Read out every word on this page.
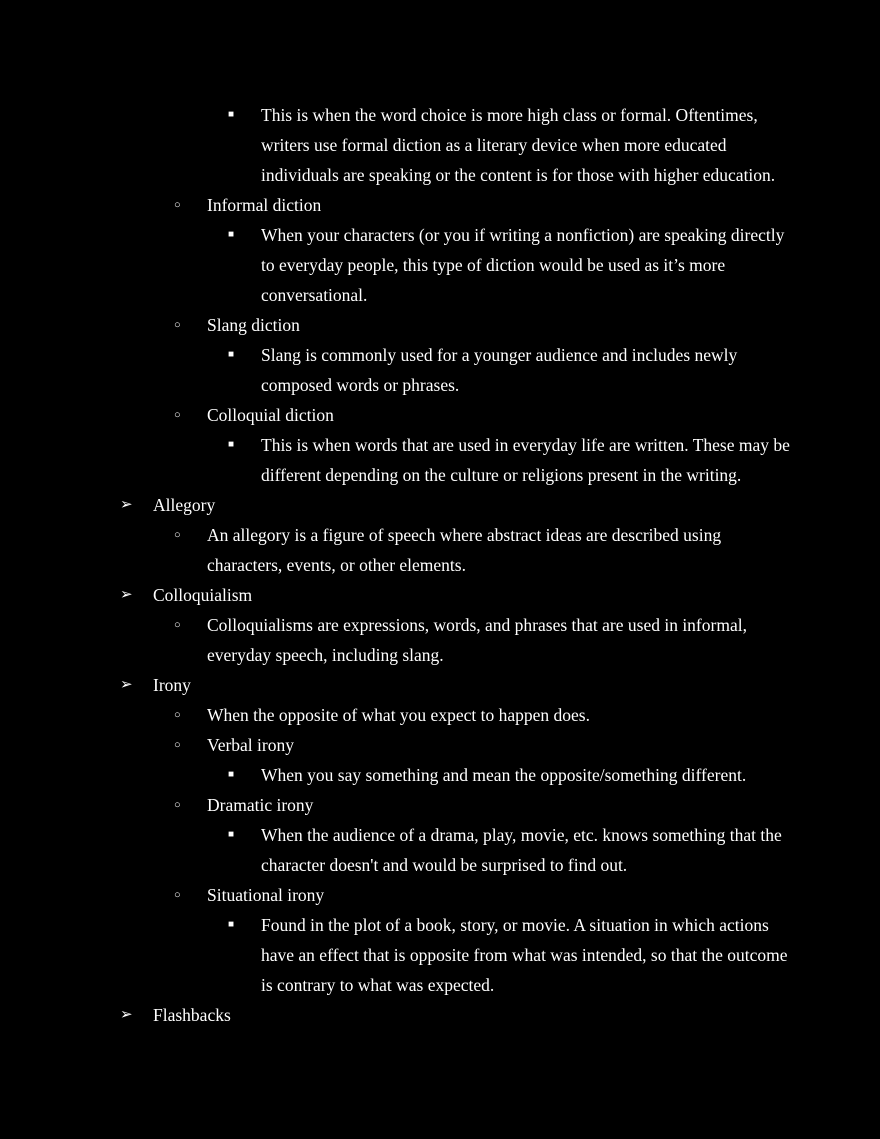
■	This is when the word choice is more high class or formal. Oftentimes, writers use formal diction as a literary device when more educated individuals are speaking or the content is for those with higher education.
○	Informal diction
■	When your characters (or you if writing a nonfiction) are speaking directly to everyday people, this type of diction would be used as it’s more conversational.
○	Slang diction
■	Slang is commonly used for a younger audience and includes newly composed words or phrases.
○	Colloquial diction
■	This is when words that are used in everyday life are written. These may be different depending on the culture or religions present in the writing.
➢	Allegory
○	An allegory is a figure of speech where abstract ideas are described using characters, events, or other elements.
➢	Colloquialism
○	Colloquialisms are expressions, words, and phrases that are used in informal, everyday speech, including slang.
➢	Irony
○	When the opposite of what you expect to happen does.
○	Verbal irony
■	When you say something and mean the opposite/something different.
○	Dramatic irony
■	When the audience of a drama, play, movie, etc. knows something that the character doesn't and would be surprised to find out.
○	Situational irony
■	Found in the plot of a book, story, or movie. A situation in which actions have an effect that is opposite from what was intended, so that the outcome is contrary to what was expected.
➢	Flashbacks
